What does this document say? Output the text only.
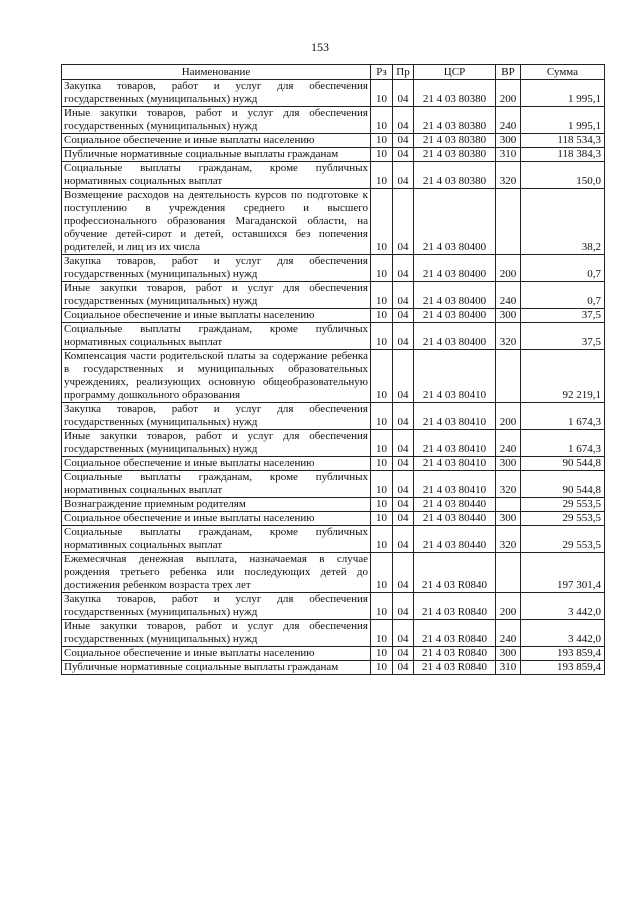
153
Наименование	Рз	Пр	ЦСР	ВР	Сумма
Закупка товаров, работ и услуг для обеспечения государственных (муниципальных) нужд	10	04	21 4 03 80380	200	1 995,1
Иные закупки товаров, работ и услуг для обеспечения государственных (муниципальных) нужд	10	04	21 4 03 80380	240	1 995,1
Социальное обеспечение и иные выплаты населению	10	04	21 4 03 80380	300	118 534,3
Публичные нормативные социальные выплаты гражданам	10	04	21 4 03 80380	310	118 384,3
Социальные выплаты гражданам, кроме публичных нормативных социальных выплат	10	04	21 4 03 80380	320	150,0
Возмещение расходов на деятельность курсов по подготовке к поступлению в учреждения среднего и высшего профессионального образования Магаданской области, на обучение детей-сирот и детей, оставшихся без попечения родителей, и лиц из их числа	10	04	21 4 03 80400		38,2
Закупка товаров, работ и услуг для обеспечения государственных (муниципальных) нужд	10	04	21 4 03 80400	200	0,7
Иные закупки товаров, работ и услуг для обеспечения государственных (муниципальных) нужд	10	04	21 4 03 80400	240	0,7
Социальное обеспечение и иные выплаты населению	10	04	21 4 03 80400	300	37,5
Социальные выплаты гражданам, кроме публичных нормативных социальных выплат	10	04	21 4 03 80400	320	37,5
Компенсация части родительской платы за содержание ребенка в государственных и муниципальных образовательных учреждениях, реализующих основную общеобразовательную программу дошкольного образования	10	04	21 4 03 80410		92 219,1
Закупка товаров, работ и услуг для обеспечения государственных (муниципальных) нужд	10	04	21 4 03 80410	200	1 674,3
Иные закупки товаров, работ и услуг для обеспечения государственных (муниципальных) нужд	10	04	21 4 03 80410	240	1 674,3
Социальное обеспечение и иные выплаты населению	10	04	21 4 03 80410	300	90 544,8
Социальные выплаты гражданам, кроме публичных нормативных социальных выплат	10	04	21 4 03 80410	320	90 544,8
Вознаграждение приемным родителям	10	04	21 4 03 80440		29 553,5
Социальное обеспечение и иные выплаты населению	10	04	21 4 03 80440	300	29 553,5
Социальные выплаты гражданам, кроме публичных нормативных социальных выплат	10	04	21 4 03 80440	320	29 553,5
Ежемесячная денежная выплата, назначаемая в случае рождения третьего ребенка или последующих детей до достижения ребенком возраста трех лет	10	04	21 4 03 R0840		197 301,4
Закупка товаров, работ и услуг для обеспечения государственных (муниципальных) нужд	10	04	21 4 03 R0840	200	3 442,0
Иные закупки товаров, работ и услуг для обеспечения государственных (муниципальных) нужд	10	04	21 4 03 R0840	240	3 442,0
Социальное обеспечение и иные выплаты населению	10	04	21 4 03 R0840	300	193 859,4
Публичные нормативные социальные выплаты гражданам	10	04	21 4 03 R0840	310	193 859,4
